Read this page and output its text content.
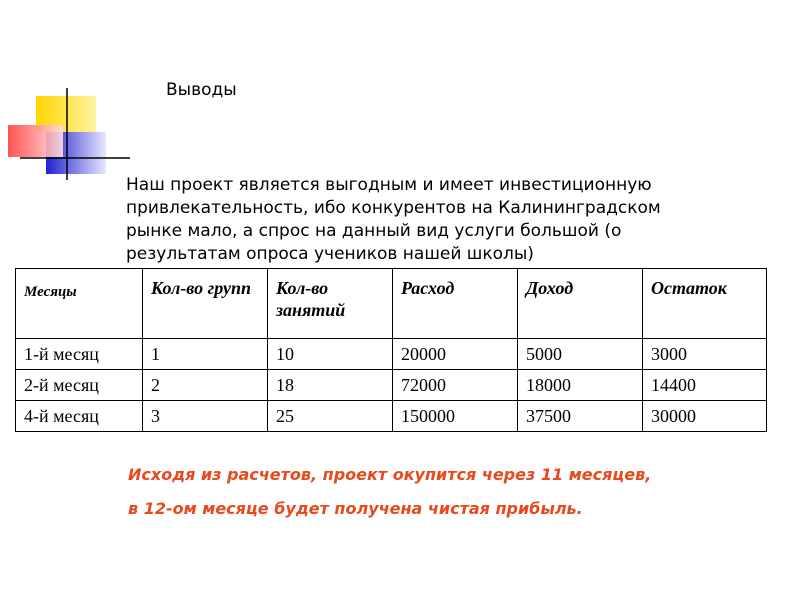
Выводы
Наш проект является выгодным и имеет инвестиционную привлекательность, ибо конкурентов на Калининградском рынке мало, а спрос на данный вид услуги большой (о результатам опроса учеников нашей школы)
Месяцы	Кол-во групп	Кол-во занятий	Расход	Доход	Остаток
1-й месяц	1	10	20000	5000	3000
2-й месяц	2	18	72000	18000	14400
4-й месяц	3	25	150000	37500	30000
Исходя из расчетов, проект окупится через 11 месяцев,
в 12-ом месяце будет получена чистая прибыль.
